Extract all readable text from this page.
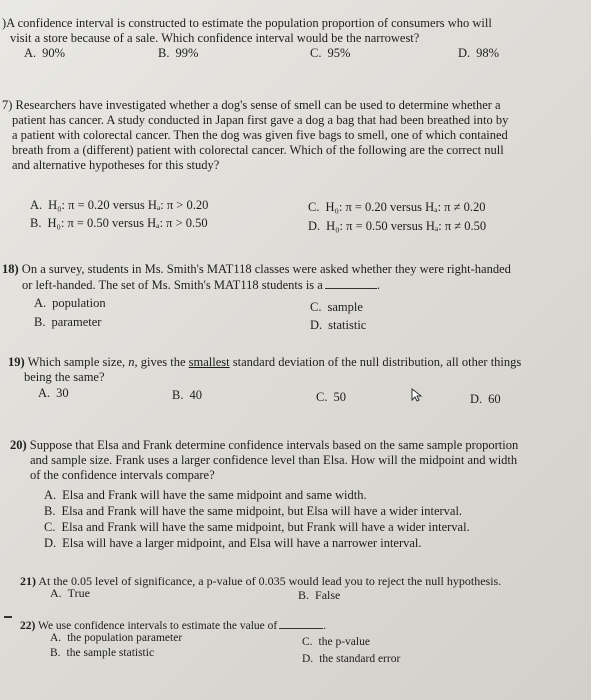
)A confidence interval is constructed to estimate the population proportion of consumers who will
visit a store because of a sale. Which confidence interval would be the narrowest?
A. 90%	B. 99%	C. 95%	D. 98%
7) Researchers have investigated whether a dog's sense of smell can be used to determine whether a
patient has cancer. A study conducted in Japan first gave a dog a bag that had been breathed into by
a patient with colorectal cancer. Then the dog was given five bags to smell, one of which contained
breath from a (different) patient with colorectal cancer. Which of the following are the correct null
and alternative hypotheses for this study?
A. H₀: π = 0.20 versus Hₐ: π > 0.20	C. H₀: π = 0.20 versus Hₐ: π ≠ 0.20
B. H₀: π = 0.50 versus Hₐ: π > 0.50	D. H₀: π = 0.50 versus Hₐ: π ≠ 0.50
18) On a survey, students in Ms. Smith's MAT118 classes were asked whether they were right-handed
or left-handed. The set of Ms. Smith's MAT118 students is a	.
A. population	C. sample
B. parameter	D. statistic
19) Which sample size, n, gives the smallest standard deviation of the null distribution, all other things
being the same?
A. 30	B. 40	C. 50	D. 60
20) Suppose that Elsa and Frank determine confidence intervals based on the same sample proportion
and sample size. Frank uses a larger confidence level than Elsa. How will the midpoint and width
of the confidence intervals compare?
A. Elsa and Frank will have the same midpoint and same width.
B. Elsa and Frank will have the same midpoint, but Elsa will have a wider interval.
C. Elsa and Frank will have the same midpoint, but Frank will have a wider interval.
D. Elsa will have a larger midpoint, and Elsa will have a narrower interval.
21) At the 0.05 level of significance, a p-value of 0.035 would lead you to reject the null hypothesis.
A. True	B. False
22) We use confidence intervals to estimate the value of	.
A. the population parameter	C. the p-value
B. the sample statistic	D. the standard error
